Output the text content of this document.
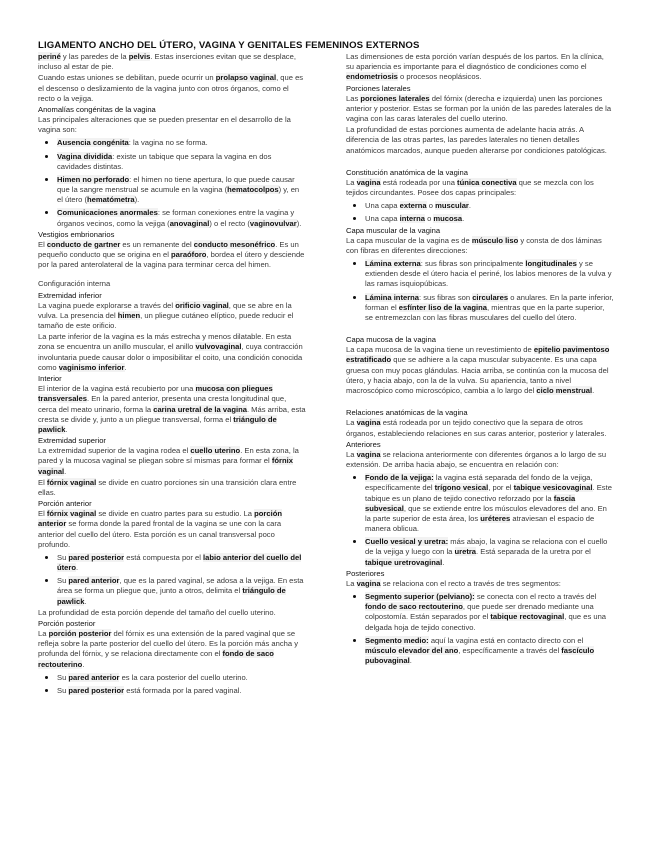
LIGAMENTO ANCHO DEL ÚTERO, VAGINA Y GENITALES FEMENINOS EXTERNOS

periné y las paredes de la pelvis. Estas inserciones evitan que se desplace, incluso al estar de pie.

Cuando estas uniones se debilitan, puede ocurrir un prolapso vaginal, que es el descenso o deslizamiento de la vagina junto con otros órganos, como el recto o la vejiga.

Anomalías congénitas de la vagina

Las principales alteraciones que se pueden presentar en el desarrollo de la vagina son:

• Ausencia congénita: la vagina no se forma.
• Vagina dividida: existe un tabique que separa la vagina en dos cavidades distintas.
• Himen no perforado: el himen no tiene apertura, lo que puede causar que la sangre menstrual se acumule en la vagina (hematocolpos) y, en el útero (hematómetra).
• Comunicaciones anormales: se forman conexiones entre la vagina y órganos vecinos, como la vejiga (anovaginal) o el recto (vaginovulvar).

Vestigios embrionarios

El conducto de gartner es un remanente del conducto mesonéfrico. Es un pequeño conducto que se origina en el paraóforo, bordea el útero y desciende por la pared anterolateral de la vagina para terminar cerca del himen.

Configuración interna

Extremidad inferior

La vagina puede explorarse a través del orificio vaginal, que se abre en la vulva. La presencia del himen, un pliegue cutáneo elíptico, puede reducir el tamaño de este orificio.

La parte inferior de la vagina es la más estrecha y menos dilatable. En esta zona se encuentra un anillo muscular, el anillo vulvovaginal, cuya contracción involuntaria puede causar dolor o imposibilitar el coito, una condición conocida como vaginismo inferior.

Interior

El interior de la vagina está recubierto por una mucosa con pliegues transversales. En la pared anterior, presenta una cresta longitudinal que, cerca del meato urinario, forma la carina uretral de la vagina. Más arriba, esta cresta se divide y, junto a un pliegue transversal, forma el triángulo de pawlick.

Extremidad superior

La extremidad superior de la vagina rodea el cuello uterino. En esta zona, la pared y la mucosa vaginal se pliegan sobre sí mismas para formar el fórnix vaginal.

El fórnix vaginal se divide en cuatro porciones sin una transición clara entre ellas.

Porción anterior

El fórnix vaginal se divide en cuatro partes para su estudio. La porción anterior se forma donde la pared frontal de la vagina se une con la cara anterior del cuello del útero. Esta porción es un canal transversal poco profundo.

• Su pared posterior está compuesta por el labio anterior del cuello del útero.
• Su pared anterior, que es la pared vaginal, se adosa a la vejiga. En esta área se forma un pliegue que, junto a otros, delimita el triángulo de pawlick.

La profundidad de esta porción depende del tamaño del cuello uterino.

Porción posterior

La porción posterior del fórnix es una extensión de la pared vaginal que se refleja sobre la parte posterior del cuello del útero. Es la porción más ancha y profunda del fórnix, y se relaciona directamente con el fondo de saco rectouterino.

• Su pared anterior es la cara posterior del cuello uterino.
• Su pared posterior está formada por la pared vaginal.

Las dimensiones de esta porción varían después de los partos. En la clínica, su apariencia es importante para el diagnóstico de condiciones como el endometriosis o procesos neoplásicos.

Porciones laterales

Las porciones laterales del fórnix (derecha e izquierda) unen las porciones anterior y posterior. Estas se forman por la unión de las paredes laterales de la vagina con las caras laterales del cuello uterino.

La profundidad de estas porciones aumenta de adelante hacia atrás. A diferencia de las otras partes, las paredes laterales no tienen detalles anatómicos marcados, aunque pueden alterarse por condiciones patológicas.

Constitución anatómica de la vagina

La vagina está rodeada por una túnica conectiva que se mezcla con los tejidos circundantes. Posee dos capas principales:

• Una capa externa o muscular.
• Una capa interna o mucosa.

Capa muscular de la vagina

La capa muscular de la vagina es de músculo liso y consta de dos láminas con fibras en diferentes direcciones:

• Lámina externa: sus fibras son principalmente longitudinales y se extienden desde el útero hacia el periné, los labios menores de la vulva y las ramas isquiopúbicas.
• Lámina interna: sus fibras son circulares o anulares. En la parte inferior, forman el esfínter liso de la vagina, mientras que en la parte superior, se entremezclan con las fibras musculares del cuello del útero.

Capa mucosa de la vagina

La capa mucosa de la vagina tiene un revestimiento de epitelio pavimentoso estratificado que se adhiere a la capa muscular subyacente. Es una capa gruesa con muy pocas glándulas. Hacia arriba, se continúa con la mucosa del útero, y hacia abajo, con la de la vulva. Su apariencia, tanto a nivel macroscópico como microscópico, cambia a lo largo del ciclo menstrual.

Relaciones anatómicas de la vagina

La vagina está rodeada por un tejido conectivo que la separa de otros órganos, estableciendo relaciones en sus caras anterior, posterior y laterales.

Anteriores

La vagina se relaciona anteriormente con diferentes órganos a lo largo de su extensión. De arriba hacia abajo, se encuentra en relación con:

• Fondo de la vejiga: la vagina está separada del fondo de la vejiga, específicamente del trígono vesical, por el tabique vesicovaginal. Este tabique es un plano de tejido conectivo reforzado por la fascia subvesical, que se extiende entre los músculos elevadores del ano. En la parte superior de esta área, los uréteres atraviesan el espacio de manera oblicua.
• Cuello vesical y uretra: más abajo, la vagina se relaciona con el cuello de la vejiga y luego con la uretra. Está separada de la uretra por el tabique uretrovaginal.

Posteriores

La vagina se relaciona con el recto a través de tres segmentos:

• Segmento superior (pelviano): se conecta con el recto a través del fondo de saco rectouterino, que puede ser drenado mediante una colpostomía. Están separados por el tabique rectovaginal, que es una delgada hoja de tejido conectivo.
• Segmento medio: aquí la vagina está en contacto directo con el músculo elevador del ano, específicamente a través del fascículo pubovaginal.
